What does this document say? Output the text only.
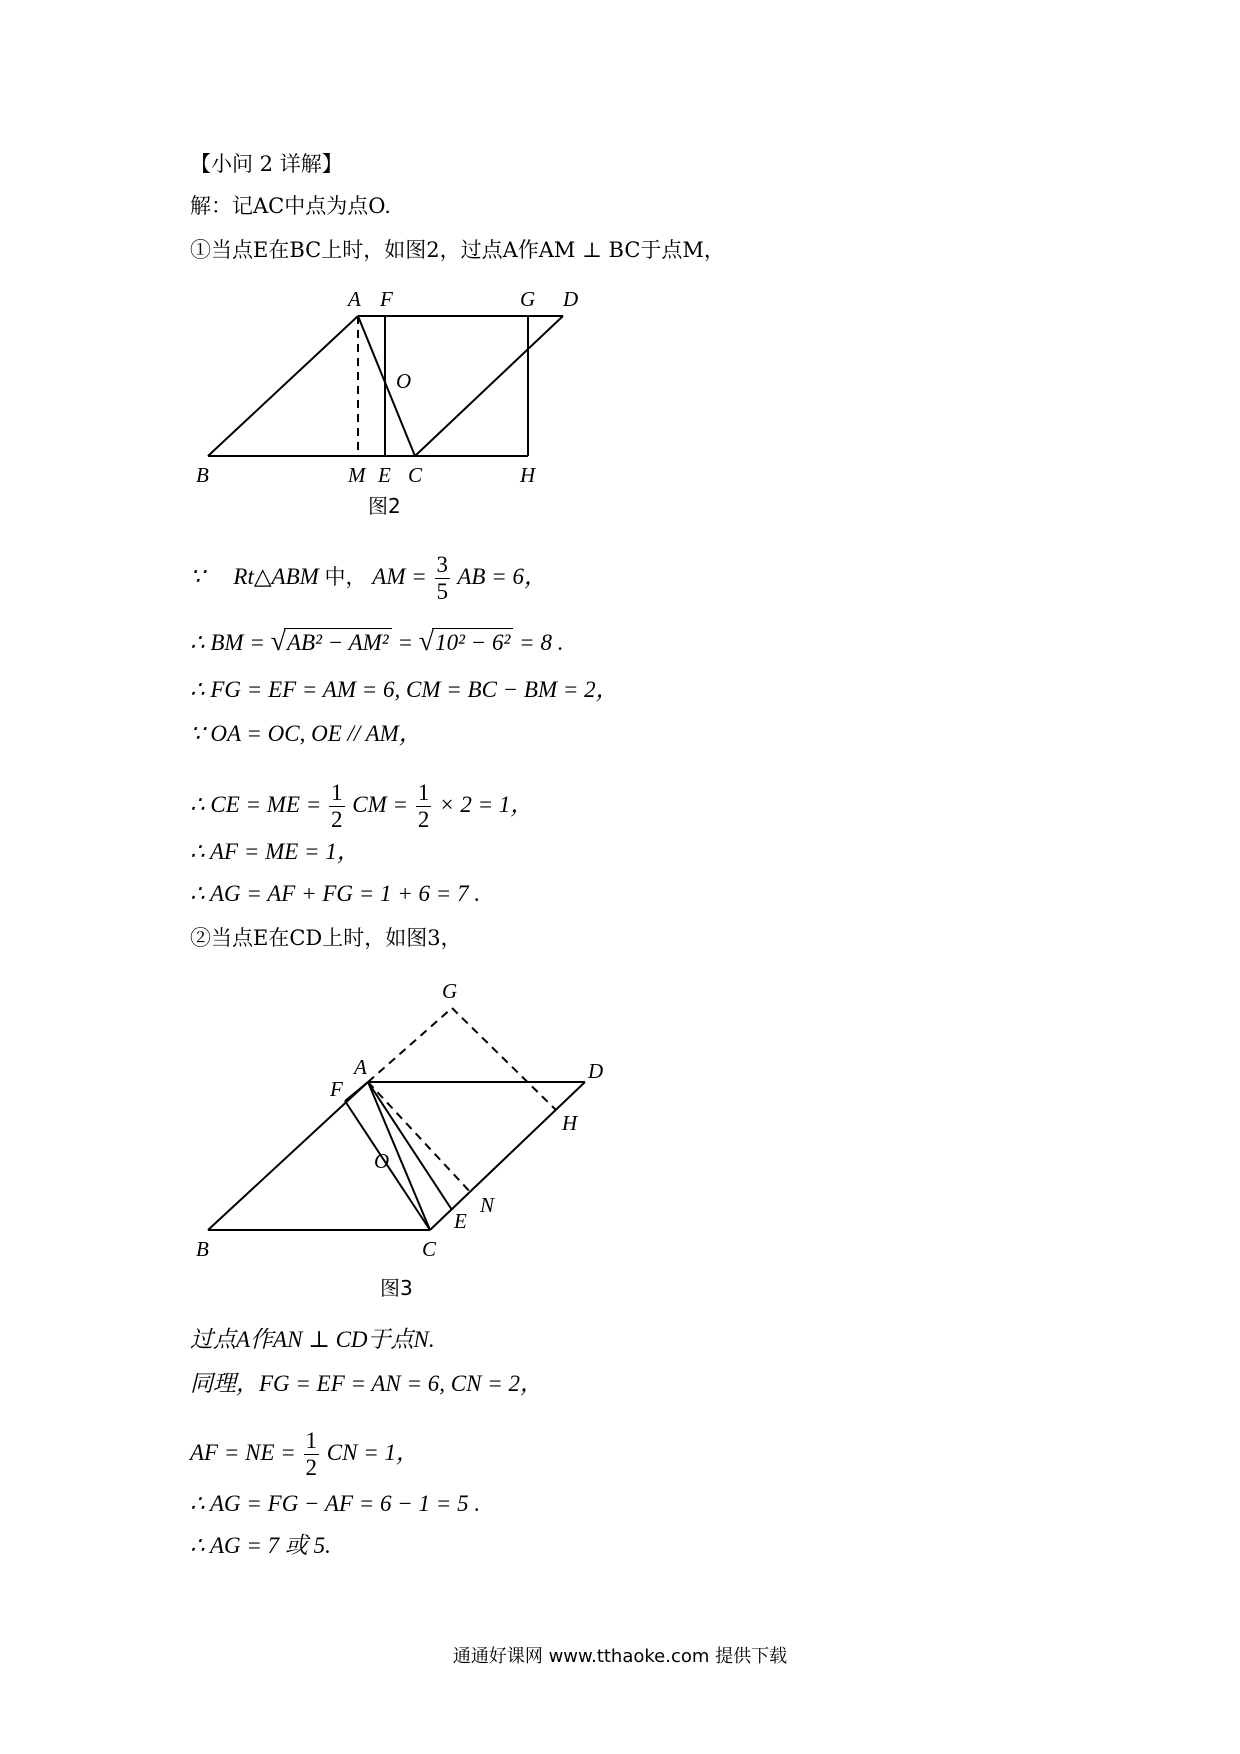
【小问 2 详解】
解：记AC中点为点O.
①当点E在BC上时，如图2，过点A作AM ⊥ BC于点M，
A F	G D
O
B	M E C	H
图2
∵ Rt△ABM 中， AM = $\frac{3}{5}$ AB = 6，
∴ BM = √AB² − AM² = √10² − 6² = 8 .
∴ FG = EF = AM = 6, CM = BC − BM = 2，
∵ OA = OC, OE // AM，
∴ CE = ME = $\frac{1}{2}$ CM = $\frac{1}{2} \times 2 = 1$，
∴ AF = ME = 1，
∴ AG = AF + FG = 1 + 6 = 7 .
②当点E在CD上时，如图3，
G
A	D
F
H
O
N
E
B	C
图3
过点A作AN ⊥ CD于点N.
同理，FG = EF = AN = 6, CN = 2，
AF = NE = $\frac{1}{2}$ CN = 1，
∴ AG = FG − AF = 6 − 1 = 5 .
∴ AG = 7 或 5.
通通好课网 www.tthaoke.com 提供下载
